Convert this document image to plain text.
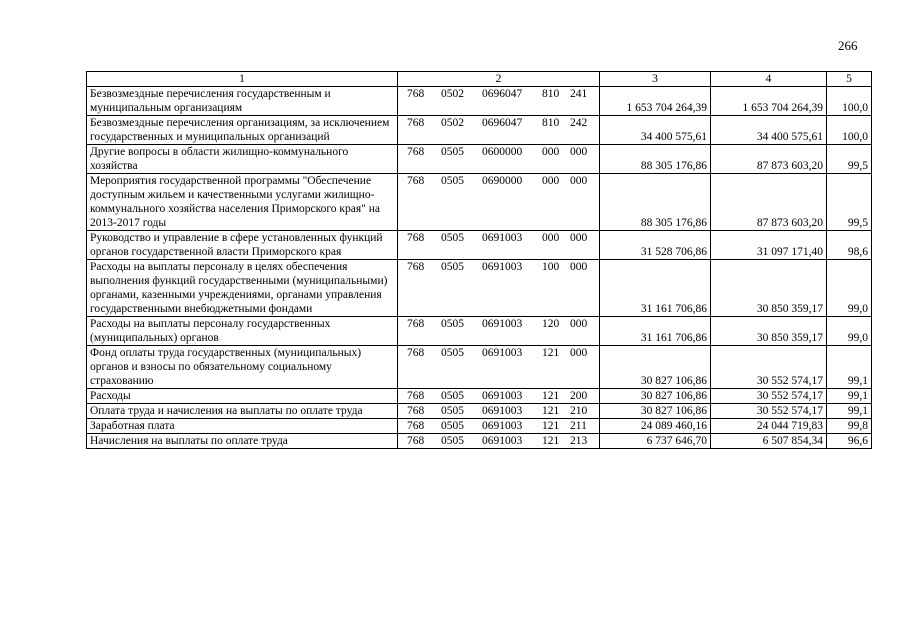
266
1	2	3	4	5
Безвозмездные перечисления государственным и муниципальным организациям	768 0502 0696047 810 241	1 653 704 264,39	1 653 704 264,39	100,0
Безвозмездные перечисления организациям, за исключением государственных и муниципальных организаций	768 0502 0696047 810 242	34 400 575,61	34 400 575,61	100,0
Другие вопросы в области жилищно-коммунального хозяйства	768 0505 0600000 000 000	88 305 176,86	87 873 603,20	99,5
Мероприятия государственной программы "Обеспечение доступным жильем и качественными услугами жилищно-коммунального хозяйства населения Приморского края" на 2013-2017 годы	768 0505 0690000 000 000	88 305 176,86	87 873 603,20	99,5
Руководство и управление в сфере установленных функций органов государственной власти Приморского края	768 0505 0691003 000 000	31 528 706,86	31 097 171,40	98,6
Расходы на выплаты персоналу в целях обеспечения выполнения функций государственными (муниципальными) органами, казенными учреждениями, органами управления государственными внебюджетными фондами	768 0505 0691003 100 000	31 161 706,86	30 850 359,17	99,0
Расходы на выплаты персоналу государственных (муниципальных) органов	768 0505 0691003 120 000	31 161 706,86	30 850 359,17	99,0
Фонд оплаты труда государственных (муниципальных) органов и взносы по обязательному социальному страхованию	768 0505 0691003 121 000	30 827 106,86	30 552 574,17	99,1
Расходы	768 0505 0691003 121 200	30 827 106,86	30 552 574,17	99,1
Оплата труда и начисления на выплаты по оплате труда	768 0505 0691003 121 210	30 827 106,86	30 552 574,17	99,1
Заработная плата	768 0505 0691003 121 211	24 089 460,16	24 044 719,83	99,8
Начисления на выплаты по оплате труда	768 0505 0691003 121 213	6 737 646,70	6 507 854,34	96,6
